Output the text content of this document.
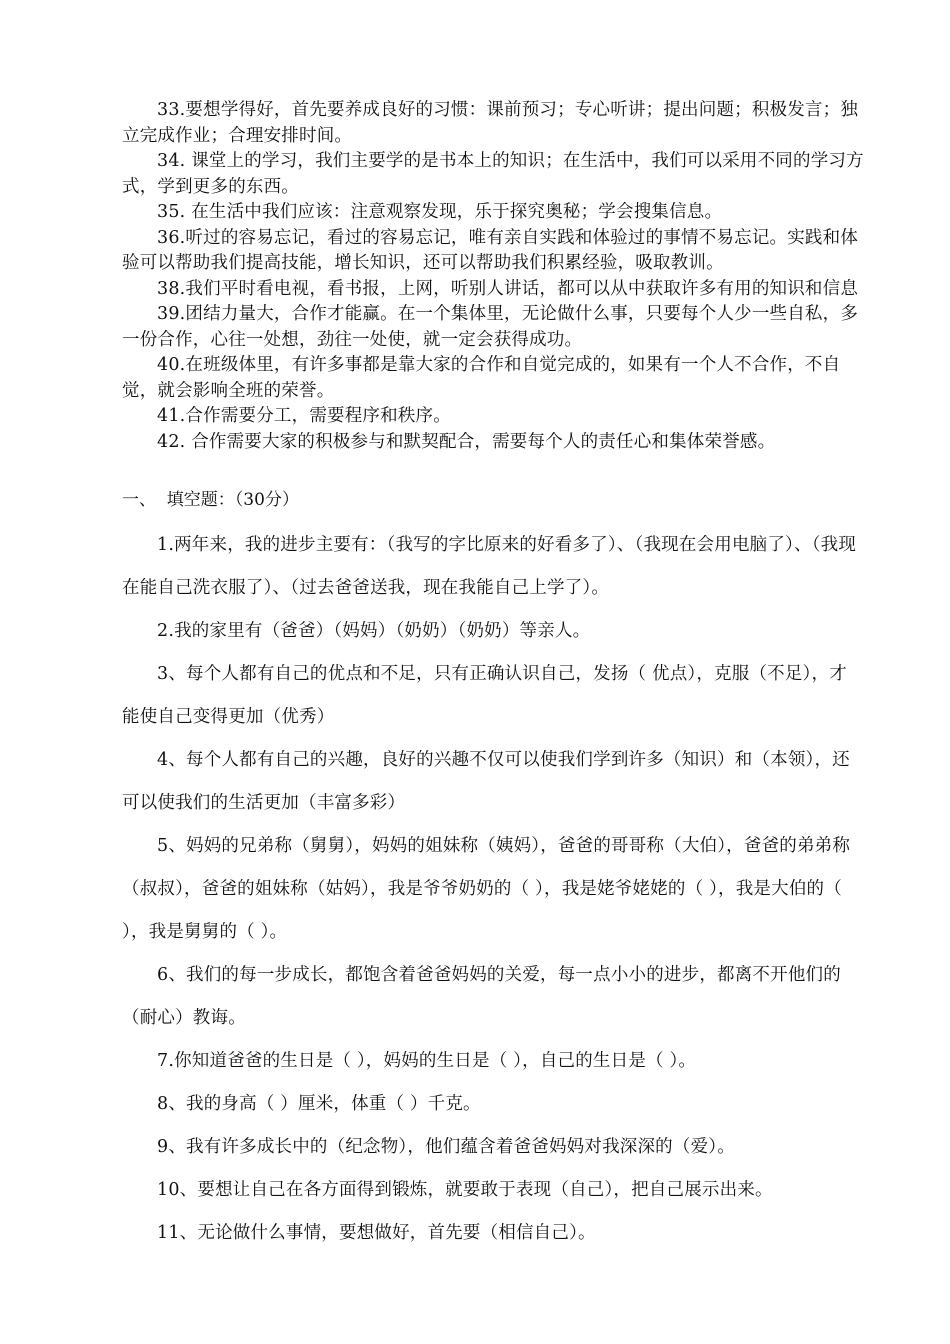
33.要想学得好，首先要养成良好的习惯：课前预习；专心听讲；提出问题；积极发言；独立完成作业；合理安排时间。

34. 课堂上的学习，我们主要学的是书本上的知识；在生活中，我们可以采用不同的学习方式，学到更多的东西。

35. 在生活中我们应该：注意观察发现，乐于探究奥秘；学会搜集信息。

36.听过的容易忘记，看过的容易忘记，唯有亲自实践和体验过的事情不易忘记。实践和体验可以帮助我们提高技能，增长知识，还可以帮助我们积累经验，吸取教训。

38.我们平时看电视，看书报，上网，听别人讲话，都可以从中获取许多有用的知识和信息

39.团结力量大，合作才能赢。在一个集体里，无论做什么事，只要每个人少一些自私，多一份合作，心往一处想，劲往一处使，就一定会获得成功。

40.在班级体里，有许多事都是靠大家的合作和自觉完成的，如果有一个人不合作，不自觉，就会影响全班的荣誉。

41.合作需要分工，需要程序和秩序。

42. 合作需要大家的积极参与和默契配合，需要每个人的责任心和集体荣誉感。

一、  填空题：（30分）

1.两年来，我的进步主要有：（我写的字比原来的好看多了）、（我现在会用电脑了）、（我现在能自己洗衣服了）、（过去爸爸送我，现在我能自己上学了）。

2.我的家里有（爸爸）（妈妈）（奶奶）（奶奶）等亲人。

3、每个人都有自己的优点和不足，只有正确认识自己，发扬（ 优点），克服（不足），才能使自己变得更加（优秀）

4、每个人都有自己的兴趣，良好的兴趣不仅可以使我们学到许多（知识）和（本领），还可以使我们的生活更加（丰富多彩）

5、妈妈的兄弟称（舅舅），妈妈的姐妹称（姨妈），爸爸的哥哥称（大伯），爸爸的弟弟称（叔叔），爸爸的姐妹称（姑妈），我是爷爷奶奶的（ ），我是姥爷姥姥的（ ），我是大伯的（ ），我是舅舅的（ ）。

6、我们的每一步成长，都饱含着爸爸妈妈的关爱，每一点小小的进步，都离不开他们的（耐心）教诲。

7.你知道爸爸的生日是（ ），妈妈的生日是（ ），自己的生日是（ ）。

8、我的身高（ ）厘米，体重（ ）千克。

9、我有许多成长中的（纪念物），他们蕴含着爸爸妈妈对我深深的（爱）。

10、要想让自己在各方面得到锻炼，就要敢于表现（自己），把自己展示出来。

11、无论做什么事情，要想做好，首先要（相信自己）。
